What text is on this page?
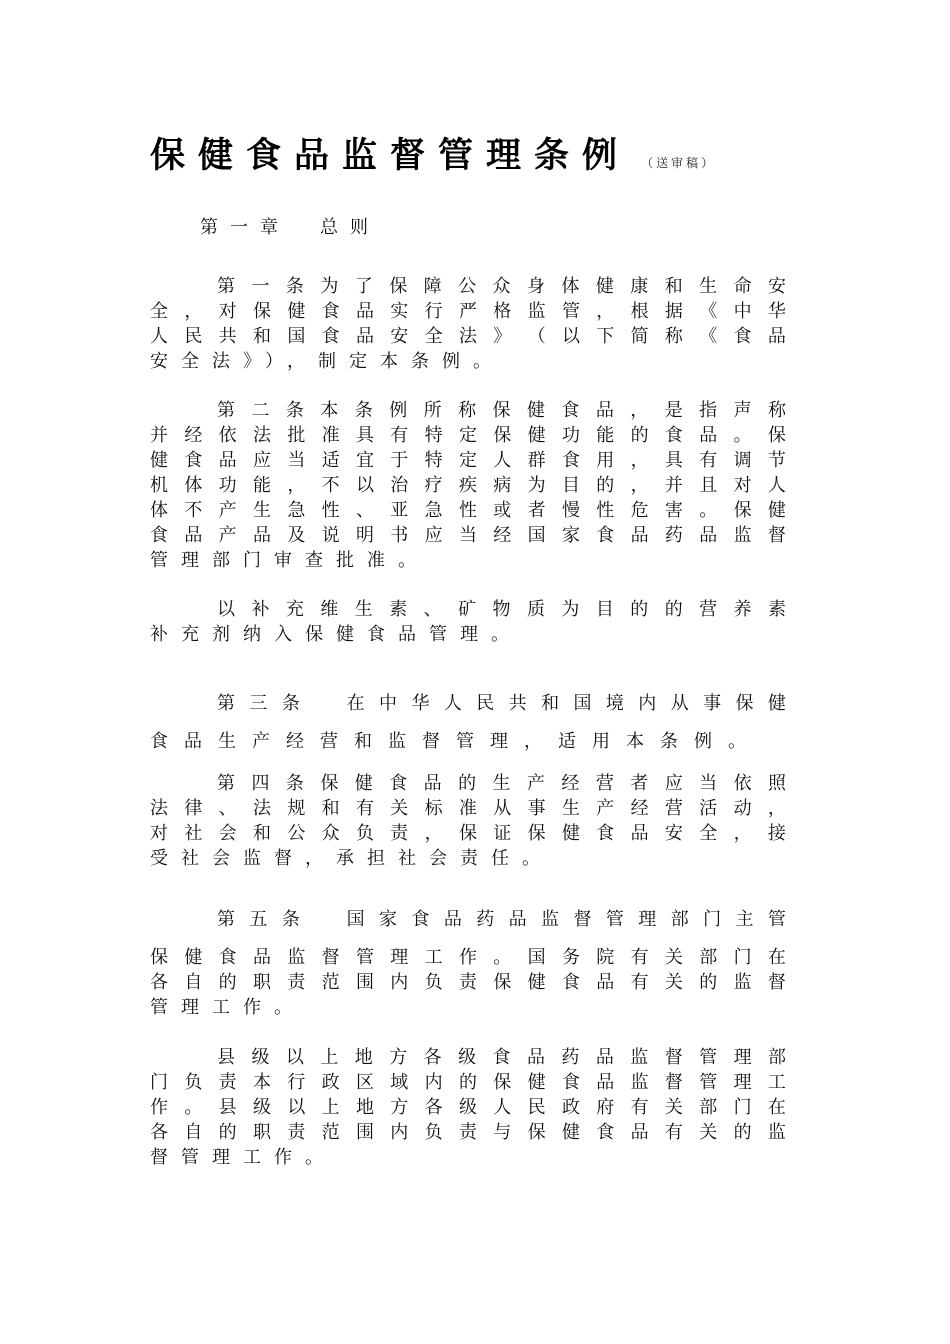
保健食品监督管理条例 （送审稿）
第一章　总则
第 一 条 为 了 保 障 公 众 身 体 健 康 和 生 命 安
全 ， 对 保 健 食 品 实 行 严 格 监 管 ， 根 据 《 中 华
人 民 共 和 国 食 品 安 全 法 》 （ 以 下 简 称 《 食 品
安全法》），制定本条例。
第 二 条 本 条 例 所 称 保 健 食 品 ， 是 指 声 称
并 经 依 法 批 准 具 有 特 定 保 健 功 能 的 食 品 。 保
健 食 品 应 当 适 宜 于 特 定 人 群 食 用 ， 具 有 调 节
机 体 功 能 ， 不 以 治 疗 疾 病 为 目 的 ， 并 且 对 人
体 不 产 生 急 性 、 亚 急 性 或 者 慢 性 危 害 。 保 健
食 品 产 品 及 说 明 书 应 当 经 国 家 食 品 药 品 监 督
管理部门审查批准。
以 补 充 维 生 素 、 矿 物 质 为 目 的 的 营 养 素
补充剂纳入保健食品管理。
第 三 条
　	在 中 华 人 民 共 和 国 境 内 从 事 保 健
食品生产经营和监督管理，适用本条例。
第 四 条 保 健 食 品 的 生 产 经 营 者 应 当 依 照
法 律 、 法 规 和 有 关 标 准 从 事 生 产 经 营 活 动 ，
对 社 会 和 公 众 负 责 ， 保 证 保 健 食 品 安 全 ， 接
受社会监督，承担社会责任。
第 五 条
　	国 家 食 品 药 品 监 督 管 理 部 门 主 管
保 健 食 品 监 督 管 理 工 作 。 国 务 院 有 关 部 门 在
各 自 的 职 责 范 围 内 负 责 保 健 食 品 有 关 的 监 督
管理工作。
县 级 以 上 地 方 各 级 食 品 药 品 监 督 管 理 部
门 负 责 本 行 政 区 域 内 的 保 健 食 品 监 督 管 理 工
作 。 县 级 以 上 地 方 各 级 人 民 政 府 有 关 部 门 在
各 自 的 职 责 范 围 内 负 责 与 保 健 食 品 有 关 的 监
督管理工作。
